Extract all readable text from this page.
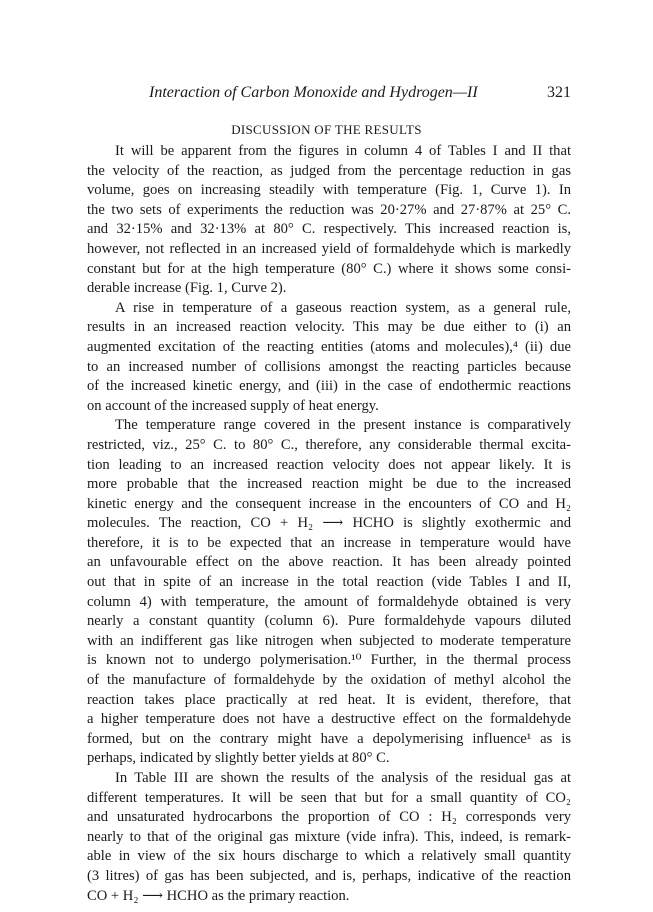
Interaction of Carbon Monoxide and Hydrogen—II	321
DISCUSSION OF THE RESULTS
It will be apparent from the figures in column 4 of Tables I and II that
the velocity of the reaction, as judged from the percentage reduction in gas
volume, goes on increasing steadily with temperature (Fig. 1, Curve 1). In
the two sets of experiments the reduction was 20·27% and 27·87% at 25° C.
and 32·15% and 32·13% at 80° C. respectively. This increased reaction is,
however, not reflected in an increased yield of formaldehyde which is markedly
constant but for at the high temperature (80° C.) where it shows some consi-
derable increase (Fig. 1, Curve 2).
A rise in temperature of a gaseous reaction system, as a general rule,
results in an increased reaction velocity. This may be due either to (i) an
augmented excitation of the reacting entities (atoms and molecules),⁴ (ii) due
to an increased number of collisions amongst the reacting particles because
of the increased kinetic energy, and (iii) in the case of endothermic reactions
on account of the increased supply of heat energy.
The temperature range covered in the present instance is comparatively
restricted, viz., 25° C. to 80° C., therefore, any considerable thermal excita-
tion leading to an increased reaction velocity does not appear likely. It is
more probable that the increased reaction might be due to the increased
kinetic energy and the consequent increase in the encounters of CO and H₂
molecules. The reaction, CO + H₂ ⟶ HCHO is slightly exothermic and
therefore, it is to be expected that an increase in temperature would have
an unfavourable effect on the above reaction. It has been already pointed
out that in spite of an increase in the total reaction (vide Tables I and II,
column 4) with temperature, the amount of formaldehyde obtained is very
nearly a constant quantity (column 6). Pure formaldehyde vapours diluted
with an indifferent gas like nitrogen when subjected to moderate temperature
is known not to undergo polymerisation.¹⁰ Further, in the thermal process
of the manufacture of formaldehyde by the oxidation of methyl alcohol the
reaction takes place practically at red heat. It is evident, therefore, that
a higher temperature does not have a destructive effect on the formaldehyde
formed, but on the contrary might have a depolymerising influence¹ as is
perhaps, indicated by slightly better yields at 80° C.
In Table III are shown the results of the analysis of the residual gas at
different temperatures. It will be seen that but for a small quantity of CO₂
and unsaturated hydrocarbons the proportion of CO : H₂ corresponds very
nearly to that of the original gas mixture (vide infra). This, indeed, is remark-
able in view of the six hours discharge to which a relatively small quantity
(3 litres) of gas has been subjected, and is, perhaps, indicative of the reaction
CO + H₂ ⟶ HCHO as the primary reaction.
